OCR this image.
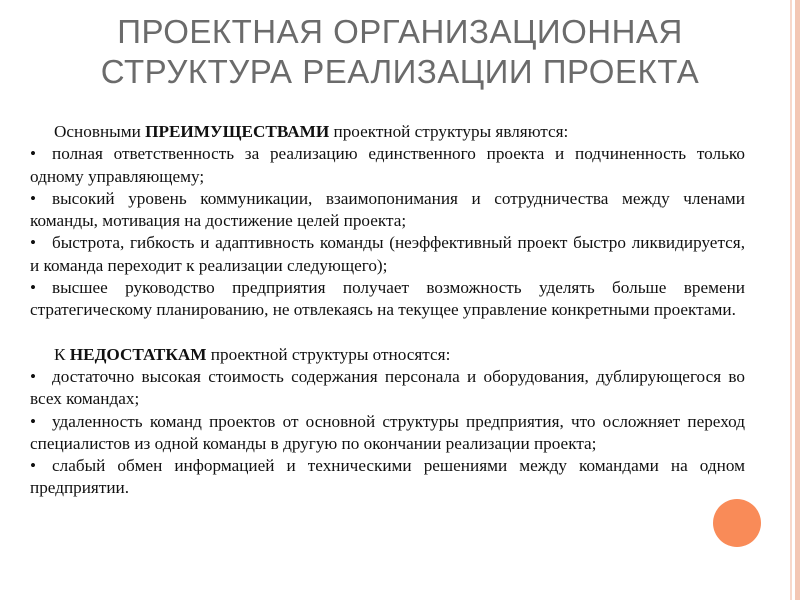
ПРОЕКТНАЯ ОРГАНИЗАЦИОННАЯ
СТРУКТУРА РЕАЛИЗАЦИИ ПРОЕКТА

Основными ПРЕИМУЩЕСТВАМИ проектной структуры являются:

• полная ответственность за реализацию единственного проекта и подчиненность только одному управляющему;
• высокий уровень коммуникации, взаимопонимания и сотрудничества между членами команды, мотивация на достижение целей проекта;
• быстрота, гибкость и адаптивность команды (неэффективный проект быстро ликвидируется, и команда переходит к реализации следующего);
• высшее руководство предприятия получает возможность уделять больше времени стратегическому планированию, не отвлекаясь на текущее управление конкретными проектами.

К НЕДОСТАТКАМ проектной структуры относятся:

• достаточно высокая стоимость содержания персонала и оборудования, дублирующегося во всех командах;
• удаленность команд проектов от основной структуры предприятия, что осложняет переход специалистов из одной команды в другую по окончании реализации проекта;
• слабый обмен информацией и техническими решениями между командами на одном предприятии.
